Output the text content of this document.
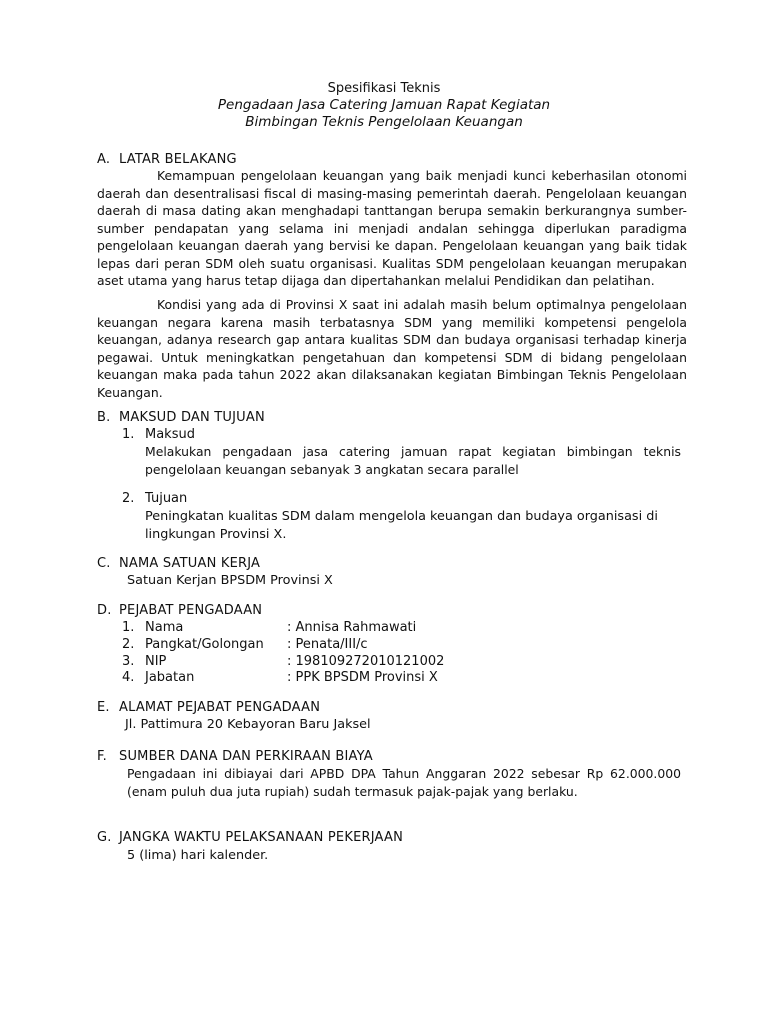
Spesifikasi Teknis
Pengadaan Jasa Catering Jamuan Rapat Kegiatan
Bimbingan Teknis Pengelolaan Keuangan
A. LATAR BELAKANG
Kemampuan pengelolaan keuangan yang baik menjadi kunci keberhasilan otonomi daerah dan desentralisasi fiscal di masing-masing pemerintah daerah. Pengelolaan keuangan daerah di masa dating akan menghadapi tanttangan berupa semakin berkurangnya sumber-sumber pendapatan yang selama ini menjadi andalan sehingga diperlukan paradigma pengelolaan keuangan daerah yang bervisi ke dapan. Pengelolaan keuangan yang baik tidak lepas dari peran SDM oleh suatu organisasi. Kualitas SDM pengelolaan keuangan merupakan aset utama yang harus tetap dijaga dan dipertahankan melalui Pendidikan dan pelatihan.
Kondisi yang ada di Provinsi X saat ini adalah masih belum optimalnya pengelolaan keuangan negara karena masih terbatasnya SDM yang memiliki kompetensi pengelola keuangan, adanya research gap antara kualitas SDM dan budaya organisasi terhadap kinerja pegawai. Untuk meningkatkan pengetahuan dan kompetensi SDM di bidang pengelolaan keuangan maka pada tahun 2022 akan dilaksanakan kegiatan Bimbingan Teknis Pengelolaan Keuangan.
B. MAKSUD DAN TUJUAN
1. Maksud
Melakukan pengadaan jasa catering jamuan rapat kegiatan bimbingan teknis pengelolaan keuangan sebanyak 3 angkatan secara parallel
2. Tujuan
Peningkatan kualitas SDM dalam mengelola keuangan dan budaya organisasi di
lingkungan Provinsi X.
C. NAMA SATUAN KERJA
Satuan Kerjan BPSDM Provinsi X
D. PEJABAT PENGADAAN
1. Nama	: Annisa Rahmawati
2. Pangkat/Golongan : Penata/III/c
3. NIP	: 198109272010121002
4. Jabatan	: PPK BPSDM Provinsi X
E. ALAMAT PEJABAT PENGADAAN
Jl. Pattimura 20 Kebayoran Baru Jaksel
F. SUMBER DANA DAN PERKIRAAN BIAYA
Pengadaan ini dibiayai dari APBD DPA Tahun Anggaran 2022 sebesar Rp 62.000.000 (enam puluh dua juta rupiah) sudah termasuk pajak-pajak yang berlaku.
G. JANGKA WAKTU PELAKSANAAN PEKERJAAN
5 (lima) hari kalender.
